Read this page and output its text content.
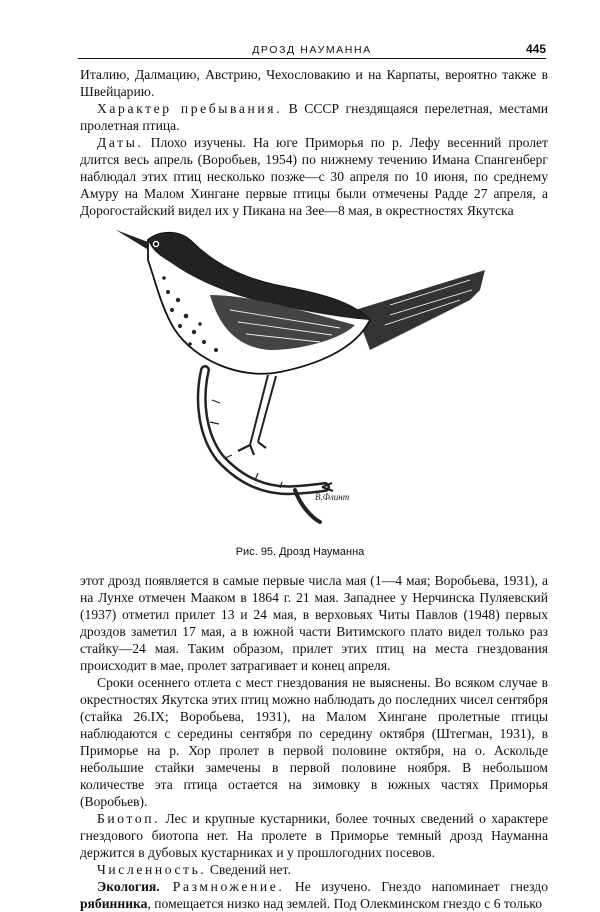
ДРОЗД НАУМАННА	445

Италию, Далмацию, Австрию, Чехословакию и на Карпаты, вероятно также в Швейцарию.

Характер пребывания. В СССР гнездящаяся перелетная, местами пролетная птица.

Даты. Плохо изучены. На юге Приморья по р. Лефу весенний пролет длится весь апрель (Воробьев, 1954) по нижнему течению Имана Спангенберг наблюдал этих птиц несколько позже—с 30 апреля по 10 июня, по среднему Амуру на Малом Хингане первые птицы были отмечены Радде 27 апреля, а Дорогостайский видел их у Пикана на Зее—8 мая, в окрестностях Якутска

В.Флинт
Рис. 95. Дрозд Науманна

этот дрозд появляется в самые первые числа мая (1—4 мая; Воробьева, 1931), а на Лунхе отмечен Мааком в 1864 г. 21 мая. Западнее у Нерчинска Пуляевский (1937) отметил прилет 13 и 24 мая, в верховьях Читы Павлов (1948) первых дроздов заметил 17 мая, а в южной части Витимского плато видел только раз стайку—24 мая. Таким образом, прилет этих птиц на места гнездования происходит в мае, пролет затрагивает и конец апреля.

Сроки осеннего отлета с мест гнездования не выяснены. Во всяком случае в окрестностях Якутска этих птиц можно наблюдать до последних чисел сентября (стайка 26.IX; Воробьева, 1931), на Малом Хингане пролетные птицы наблюдаются с середины сентября по середину октября (Штегман, 1931), в Приморье на р. Хор пролет в первой половине октября, на о. Аскольде небольшие стайки замечены в первой половине ноября. В небольшом количестве эта птица остается на зимовку в южных частях Приморья (Воробьев).

Биотоп. Лес и крупные кустарники, более точных сведений о характере гнездового биотопа нет. На пролете в Приморье темный дрозд Науманна держится в дубовых кустарниках и у прошлогодних посевов.

Численность. Сведений нет.

Экология. Размножение. Не изучено. Гнездо напоминает гнездо рябинника, помещается низко над землей. Под Олекминском гнездо с 6 только
